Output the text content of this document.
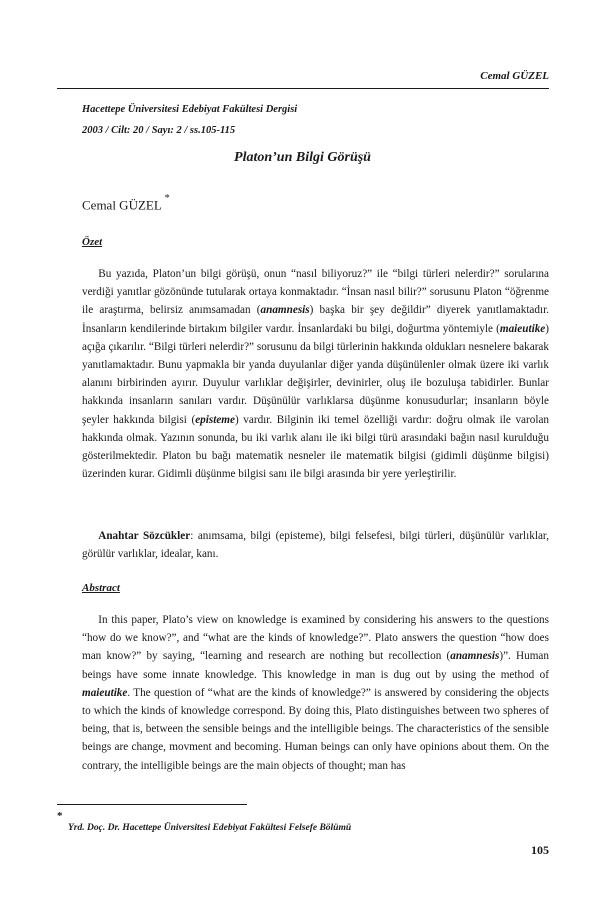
Cemal GÜZEL
Hacettepe Üniversitesi Edebiyat Fakültesi Dergisi
2003 / Cilt: 20 / Sayı: 2 / ss.105-115
Platon’un Bilgi Görüşü
Cemal GÜZEL *
Özet

Bu yazıda, Platon’un bilgi görüşü, onun “nasıl biliyoruz?” ile “bilgi türleri nelerdir?” sorularına verdiği yanıtlar gözönünde tutularak ortaya konmaktadır. “İnsan nasıl bilir?” sorusunu Platon “öğrenme ile araştırma, belirsiz anımsamadan (anamnesis) başka bir şey değildir” diyerek yanıtlamaktadır. İnsanların kendilerinde birtakım bilgiler vardır. İnsanlardaki bu bilgi, doğurtma yöntemiyle (maieutike) açığa çıkarılır. “Bilgi türleri nelerdir?” sorusunu da bilgi türlerinin hakkında oldukları nesnelere bakarak yanıtlamaktadır. Bunu yapmakla bir yanda duyulanlar diğer yanda düşünülenler olmak üzere iki varlık alanını birbirinden ayırır. Duyulur varlıklar değişirler, devinirler, oluş ile bozuluşa tabidirler. Bunlar hakkında insanların sanıları vardır. Düşünülür varlıklarsa düşünme konusudurlar; insanların böyle şeyler hakkında bilgisi (episteme) vardır. Bilginin iki temel özelliği vardır: doğru olmak ile varolan hakkında olmak. Yazının sonunda, bu iki varlık alanı ile iki bilgi türü arasındaki bağın nasıl kurulduğu gösterilmektedir. Platon bu bağı matematik nesneler ile matematik bilgisi (gidimli düşünme bilgisi) üzerinden kurar. Gidimli düşünme bilgisi sanı ile bilgi arasında bir yere yerleştirilir.

Anahtar Sözcükler: anımsama, bilgi (episteme), bilgi felsefesi, bilgi türleri, düşünülür varlıklar, görülür varlıklar, idealar, kanı.

Abstract

In this paper, Plato’s view on knowledge is examined by considering his answers to the questions “how do we know?”, and “what are the kinds of knowledge?”. Plato answers the question “how does man know?” by saying, “learning and research are nothing but recollection (anamnesis)”. Human beings have some innate knowledge. This knowledge in man is dug out by using the method of maieutike. The question of “what are the kinds of knowledge?” is answered by considering the objects to which the kinds of knowledge correspond. By doing this, Plato distinguishes between two spheres of being, that is, between the sensible beings and the intelligible beings. The characteristics of the sensible beings are change, movment and becoming. Human beings can only have opinions about them. On the contrary, the intelligible beings are the main objects of thought; man has

*
Yrd. Doç. Dr. Hacettepe Üniversitesi Edebiyat Fakültesi Felsefe Bölümü
105
